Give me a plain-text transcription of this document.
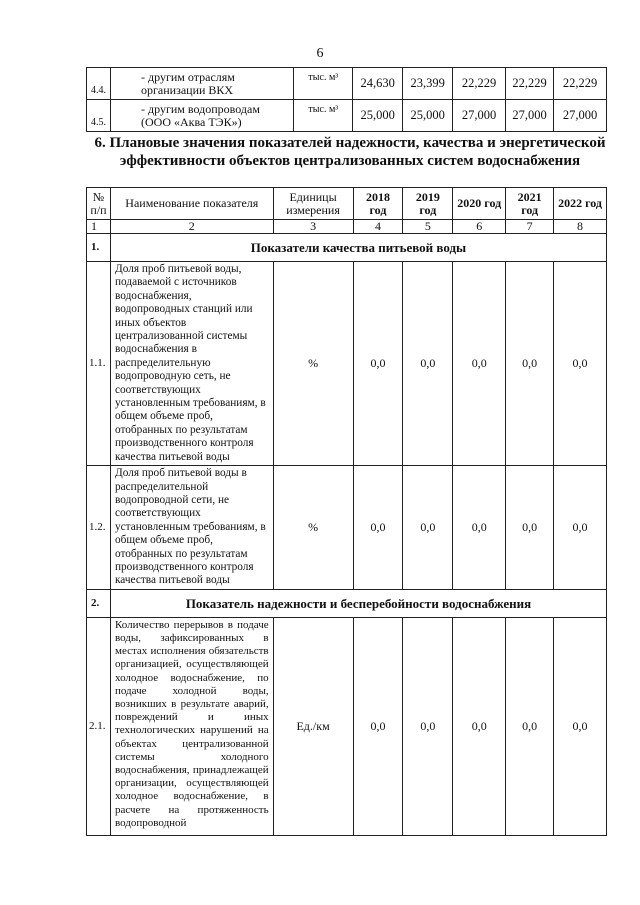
6
4.4.	- другим отраслям организации ВКХ	тыс. м³	24,630	23,399	22,229	22,229	22,229
4.5.	- другим водопроводам (ООО «Аква ТЭК»)	тыс. м³	25,000	25,000	27,000	27,000	27,000
6. Плановые значения показателей надежности, качества и энергетической эффективности объектов централизованных систем водоснабжения
№ п/п	Наименование показателя	Единицы измерения	2018 год	2019 год	2020 год	2021 год	2022 год
1	2	3	4	5	6	7	8
1.	Показатели качества питьевой воды						
1.1.	Доля проб питьевой воды, подаваемой с источников водоснабжения, водопроводных станций или иных объектов централизованной системы водоснабжения в распределительную водопроводную сеть, не соответствующих установленным требованиям, в общем объеме проб, отобранных по результатам производственного контроля качества питьевой воды	%	0,0	0,0	0,0	0,0	0,0
1.2.	Доля проб питьевой воды в распределительной водопроводной сети, не соответствующих установленным требованиям, в общем объеме проб, отобранных по результатам производственного контроля качества питьевой воды	%	0,0	0,0	0,0	0,0	0,0
2.	Показатель надежности и бесперебойности водоснабжения						
2.1.	Количество перерывов в подаче воды, зафиксированных в местах исполнения обязательств организацией, осуществляющей холодное водоснабжение, по подаче холодной воды, возникших в результате аварий, повреждений и иных технологических нарушений на объектах централизованной системы холодного водоснабжения, принадлежащей организации, осуществляющей холодное водоснабжение, в расчете на протяженность водопроводной	Ед./км	0,0	0,0	0,0	0,0	0,0
